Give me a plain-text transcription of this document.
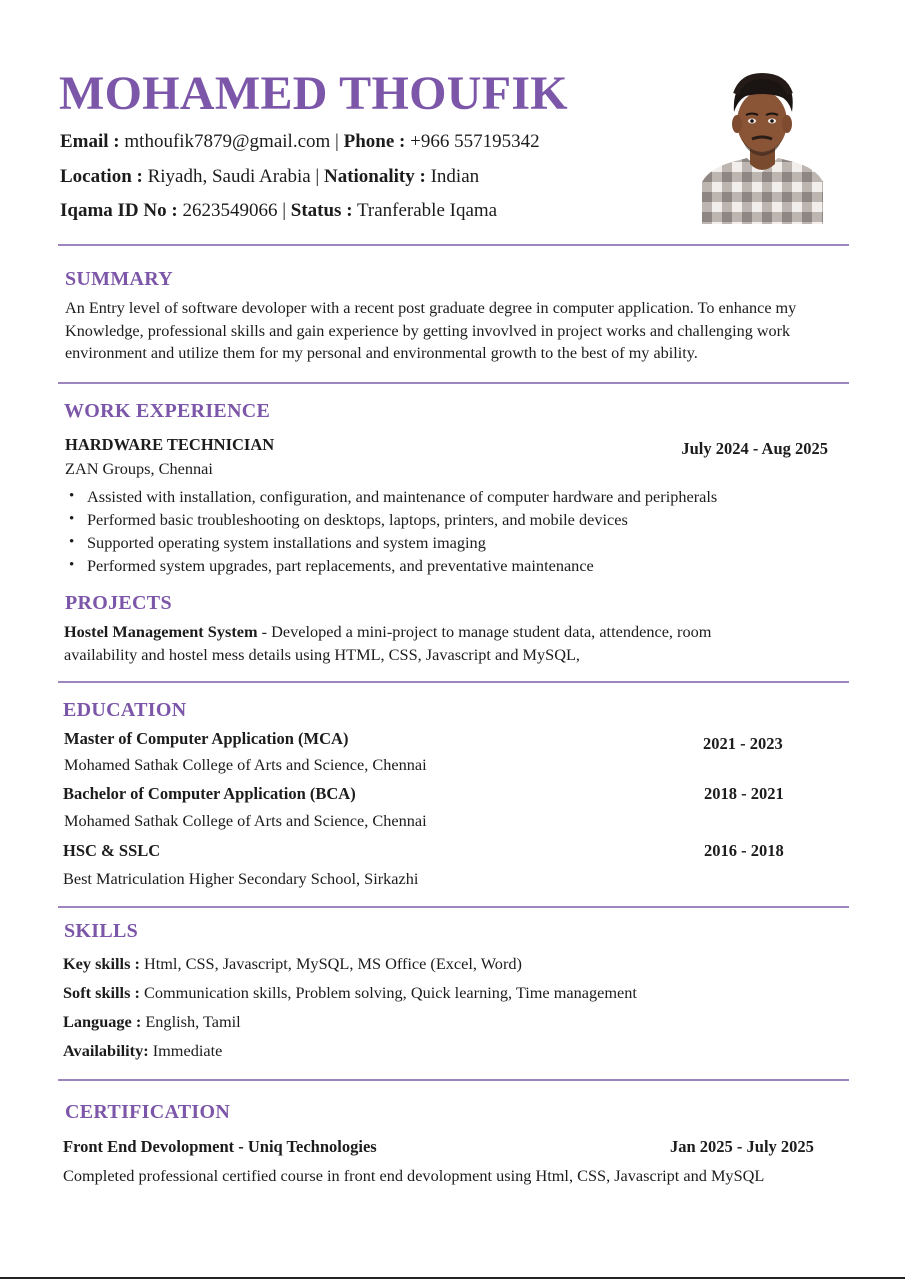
MOHAMED THOUFIK
Email : mthoufik7879@gmail.com | Phone : +966 557195342
Location : Riyadh, Saudi Arabia | Nationality : Indian
Iqama ID No : 2623549066 | Status : Tranferable Iqama
SUMMARY
An Entry level of software devoloper with a recent post graduate degree in computer application. To enhance my Knowledge, professional skills and gain experience by getting invovlved in project works and challenging work environment and utilize them for my personal and environmental growth to the best of my ability.
WORK EXPERIENCE
HARDWARE TECHNICIAN	July 2024 - Aug 2025
ZAN Groups, Chennai
• Assisted with installation, configuration, and maintenance of computer hardware and peripherals
• Performed basic troubleshooting on desktops, laptops, printers, and mobile devices
• Supported operating system installations and system imaging
• Performed system upgrades, part replacements, and preventative maintenance
PROJECTS
Hostel Management System - Developed a mini-project to manage student data, attendence, room
availability and hostel mess details using HTML, CSS, Javascript and MySQL,
EDUCATION
Master of Computer Application (MCA)	2021 - 2023
Mohamed Sathak College of Arts and Science, Chennai
Bachelor of Computer Application (BCA)	2018 - 2021
Mohamed Sathak College of Arts and Science, Chennai
HSC & SSLC	2016 - 2018
Best Matriculation Higher Secondary School, Sirkazhi
SKILLS
Key skills : Html, CSS, Javascript, MySQL, MS Office (Excel, Word)
Soft skills : Communication skills, Problem solving, Quick learning, Time management
Language : English, Tamil
Availability: Immediate
CERTIFICATION
Front End Devolopment - Uniq Technologies	Jan 2025 - July 2025
Completed professional certified course in front end devolopment using Html, CSS, Javascript and MySQL
